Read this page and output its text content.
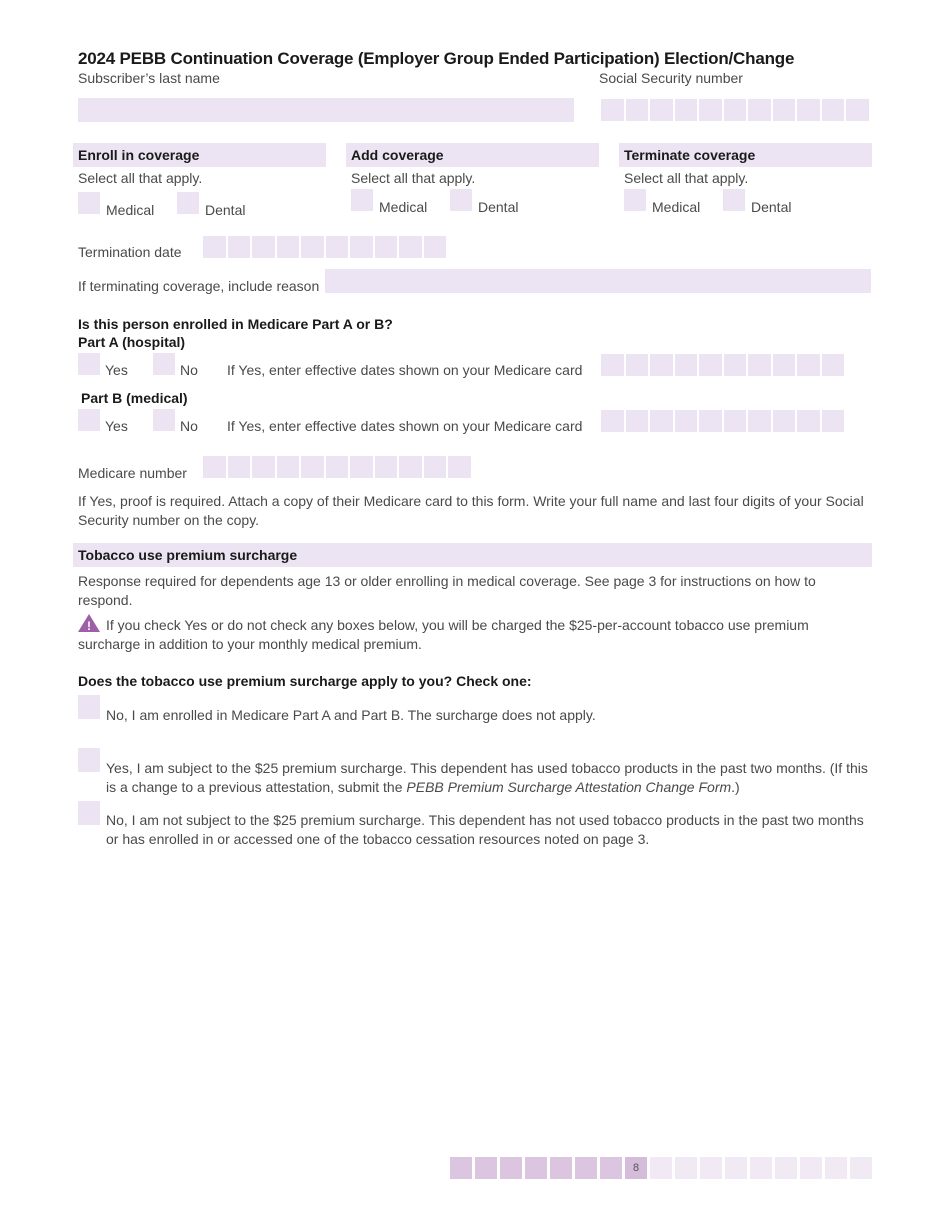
2024 PEBB Continuation Coverage (Employer Group Ended Participation) Election/Change
Subscriber’s last name	Social Security number
Enroll in coverage
Select all that apply.
Medical	Dental
Add coverage
Select all that apply.
Medical	Dental
Terminate coverage
Select all that apply.
Medical	Dental
Termination date
If terminating coverage, include reason
Is this person enrolled in Medicare Part A or B?
Part A (hospital)
Yes	No If Yes, enter effective dates shown on your Medicare card
Part B (medical)
Yes	No If Yes, enter effective dates shown on your Medicare card
Medicare number
If Yes, proof is required. Attach a copy of their Medicare card to this form. Write your full name and last four digits of your Social Security number on the copy.
Tobacco use premium surcharge
Response required for dependents age 13 or older enrolling in medical coverage. See page 3 for instructions on how to respond.
! If you check Yes or do not check any boxes below, you will be charged the $25-per-account tobacco use premium surcharge in addition to your monthly medical premium.
Does the tobacco use premium surcharge apply to you? Check one:
No, I am enrolled in Medicare Part A and Part B. The surcharge does not apply.
Yes, I am subject to the $25 premium surcharge. This dependent has used tobacco products in the past two months. (If this is a change to a previous attestation, submit the PEBB Premium Surcharge Attestation Change Form.)
No, I am not subject to the $25 premium surcharge. This dependent has not used tobacco products in the past two months or has enrolled in or accessed one of the tobacco cessation resources noted on page 3.
8
